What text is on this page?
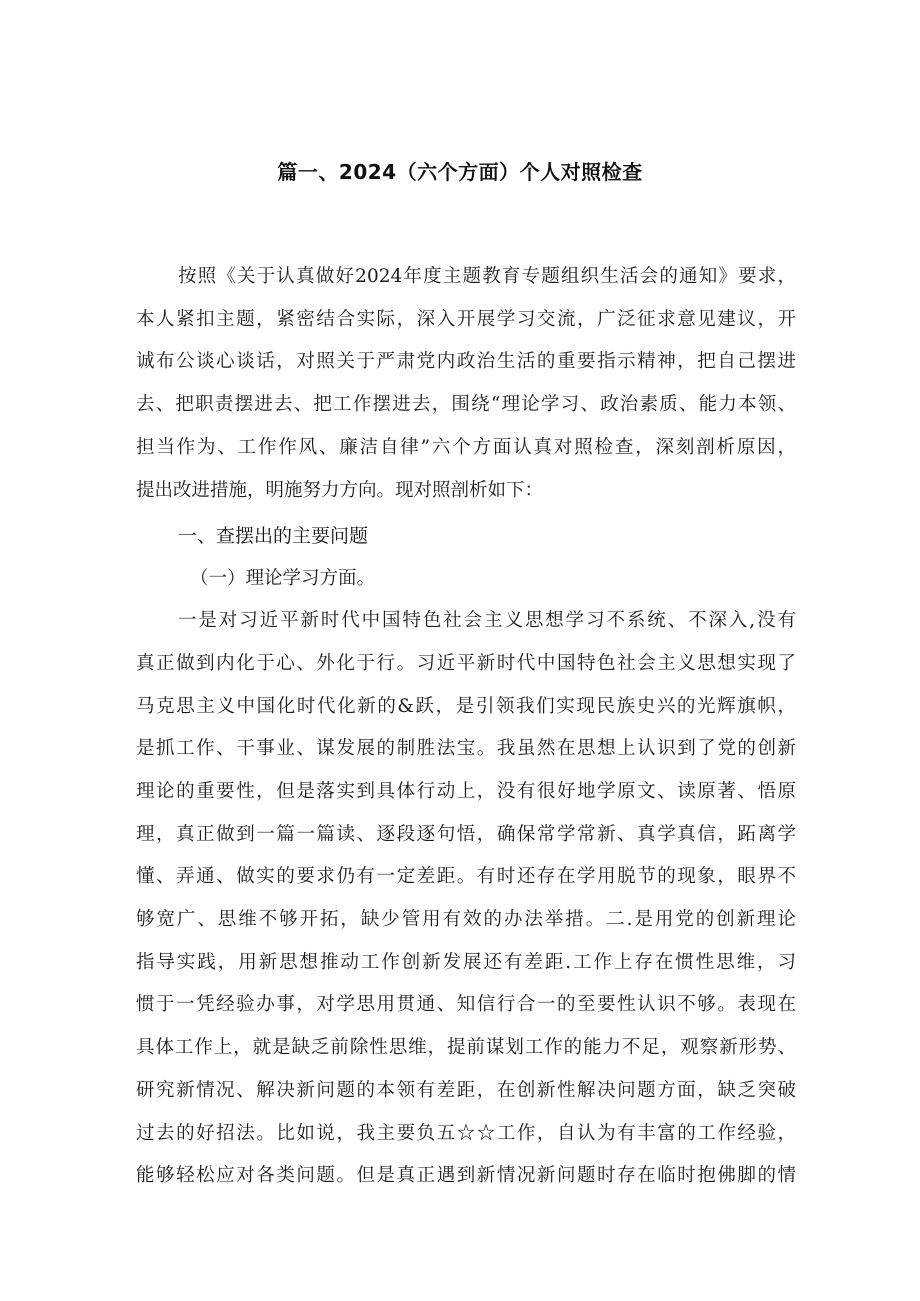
篇一、2024（六个方面）个人对照检查
按照《关于认真做好2024年度主题教育专题组织生活会的通知》要求，
本人紧扣主题，紧密结合实际，深入开展学习交流，广泛征求意见建议，开
诚布公谈心谈话，对照关于严肃党内政治生活的重要指示精神，把自己摆进
去、把职责摆进去、把工作摆进去，围绕“理论学习、政治素质、能力本领、
担当作为、工作作风、廉洁自律”六个方面认真对照检查，深刻剖析原因，
提出改进措施，明施努力方向。现对照剖析如下：
一、查摆出的主要问题
（一）理论学习方面。
一是对习近平新时代中国特色社会主义思想学习不系统、不深入,没有
真正做到内化于心、外化于行。习近平新时代中国特色社会主义思想实现了
马克思主义中国化时代化新的&跃，是引领我们实现民族史兴的光辉旗帜，
是抓工作、干事业、谋发展的制胜法宝。我虽然在思想上认识到了党的创新
理论的重要性，但是落实到具体行动上，没有很好地学原文、读原著、悟原
理，真正做到一篇一篇读、逐段逐句悟，确保常学常新、真学真信，跖离学
懂、弄通、做实的要求仍有一定差距。有时还存在学用脱节的现象，眼界不
够宽广、思维不够开拓，缺少管用有效的办法举措。二.是用党的创新理论
指导实践，用新思想推动工作创新发展还有差距.工作上存在惯性思维，习
惯于一凭经验办事，对学思用贯通、知信行合一的至要性认识不够。表现在
具体工作上，就是缺乏前除性思维，提前谋划工作的能力不足，观察新形势、
研究新情况、解决新问题的本领有差距，在创新性解决问题方面，缺乏突破
过去的好招法。比如说，我主要负五☆☆工作，自认为有丰富的工作经验，
能够轻松应对各类问题。但是真正遇到新情况新问题时存在临时抱佛脚的情
